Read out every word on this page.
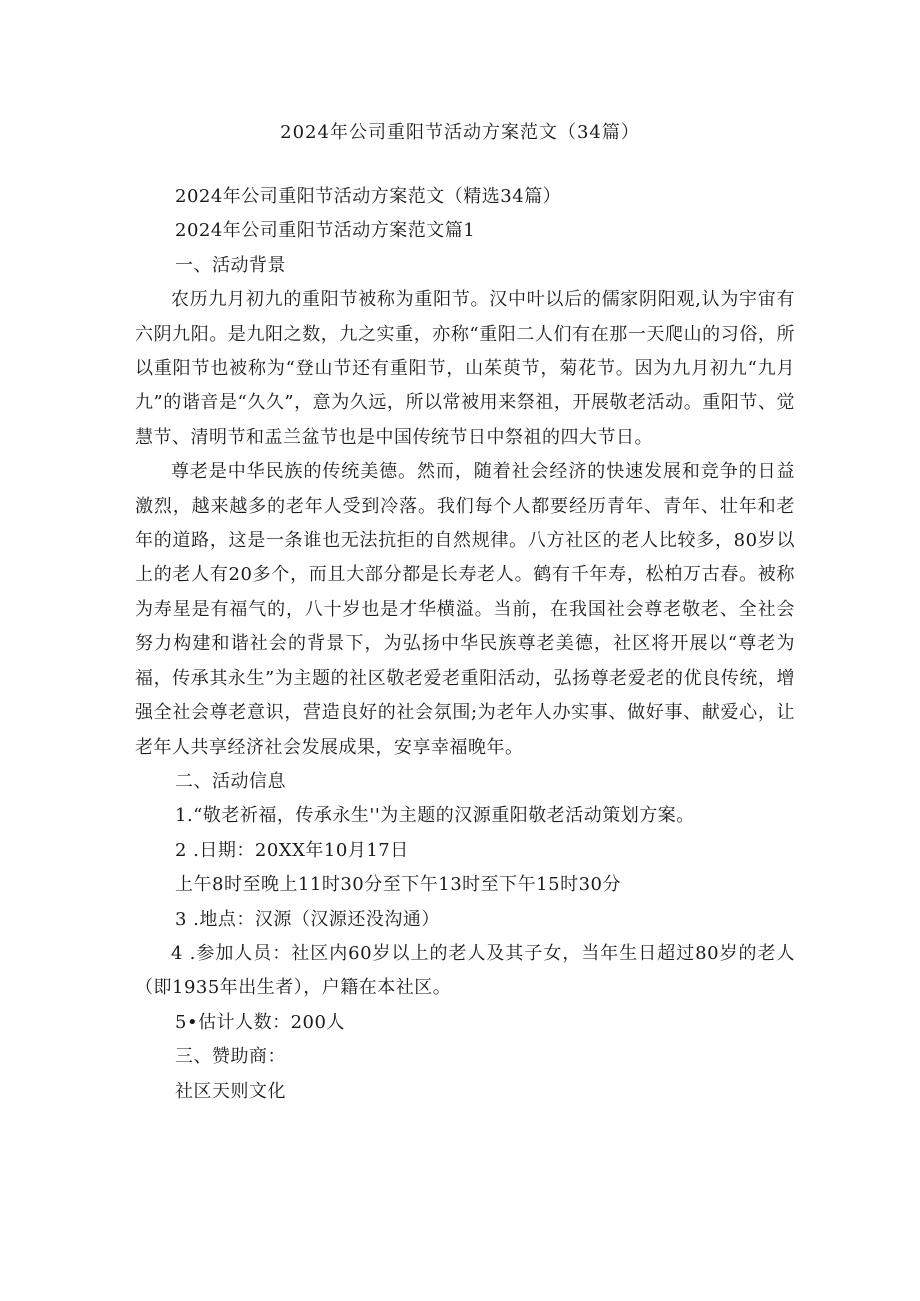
2024年公司重阳节活动方案范文（34篇）

2024年公司重阳节活动方案范文（精选34篇）

2024年公司重阳节活动方案范文篇1

一、活动背景

农历九月初九的重阳节被称为重阳节。汉中叶以后的儒家阴阳观,认为宇宙有六阴九阳。是九阳之数，九之实重，亦称“重阳二人们有在那一天爬山的习俗，所以重阳节也被称为“登山节还有重阳节，山茱萸节，菊花节。因为九月初九“九月九”的谐音是“久久”，意为久远，所以常被用来祭祖，开展敬老活动。重阳节、觉慧节、清明节和盂兰盆节也是中国传统节日中祭祖的四大节日。

尊老是中华民族的传统美德。然而，随着社会经济的快速发展和竞争的日益激烈，越来越多的老年人受到冷落。我们每个人都要经历青年、青年、壮年和老年的道路，这是一条谁也无法抗拒的自然规律。八方社区的老人比较多，80岁以上的老人有20多个，而且大部分都是长寿老人。鹤有千年寿，松柏万古春。被称为寿星是有福气的，八十岁也是才华横溢。当前，在我国社会尊老敬老、全社会努力构建和谐社会的背景下，为弘扬中华民族尊老美德，社区将开展以“尊老为福，传承其永生”为主题的社区敬老爱老重阳活动，弘扬尊老爱老的优良传统，增强全社会尊老意识，营造良好的社会氛围;为老年人办实事、做好事、献爱心，让老年人共享经济社会发展成果，安享幸福晚年。

二、活动信息

1.“敬老祈福，传承永生''为主题的汉源重阳敬老活动策划方案。

2 .日期：20XX年10月17日

上午8时至晚上11时30分至下午13时至下午15时30分

3 .地点：汉源（汉源还没沟通）

4 .参加人员：社区内60岁以上的老人及其子女，当年生日超过80岁的老人（即1935年出生者），户籍在本社区。

5•估计人数：200人

三、赞助商：

社区天则文化
